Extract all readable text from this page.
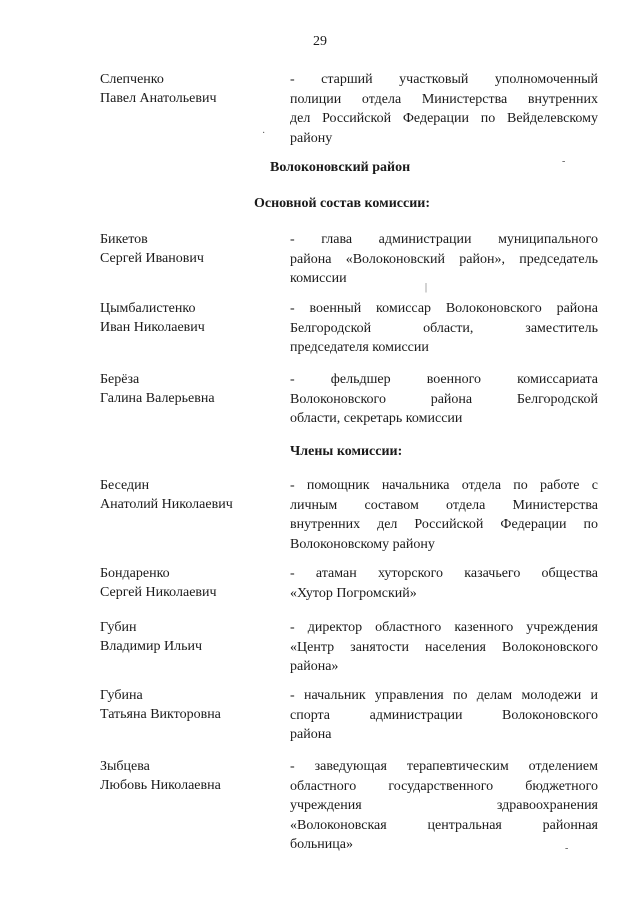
29
Слепченко
Павел Анатольевич
- старший участковый уполномоченный
полиции отдела Министерства внутренних
дел Российской Федерации по Вейделевскому
району
Волоконовский район
Основной состав комиссии:
Бикетов
Сергей Иванович
- глава администрации муниципального
района «Волоконовский район», председатель
комиссии
Цымбалистенко
Иван Николаевич
- военный комиссар Волоконовского района
Белгородской области, заместитель
председателя комиссии
Берёза
Галина Валерьевна
- фельдшер военного комиссариата
Волоконовского района Белгородской
области, секретарь комиссии
Члены комиссии:
Беседин
Анатолий Николаевич
- помощник начальника отдела по работе с
личным составом отдела Министерства
внутренних дел Российской Федерации по
Волоконовскому району
Бондаренко
Сергей Николаевич
- атаман хуторского казачьего общества
«Хутор Погромский»
Губин
Владимир Ильич
- директор областного казенного учреждения
«Центр занятости населения Волоконовского
района»
Губина
Татьяна Викторовна
- начальник управления по делам молодежи и
спорта администрации Волоконовского
района
Зыбцева
Любовь Николаевна
- заведующая терапевтическим отделением
областного государственного бюджетного
учреждения здравоохранения
«Волоконовская центральная районная
больница»
-
|
·
-
